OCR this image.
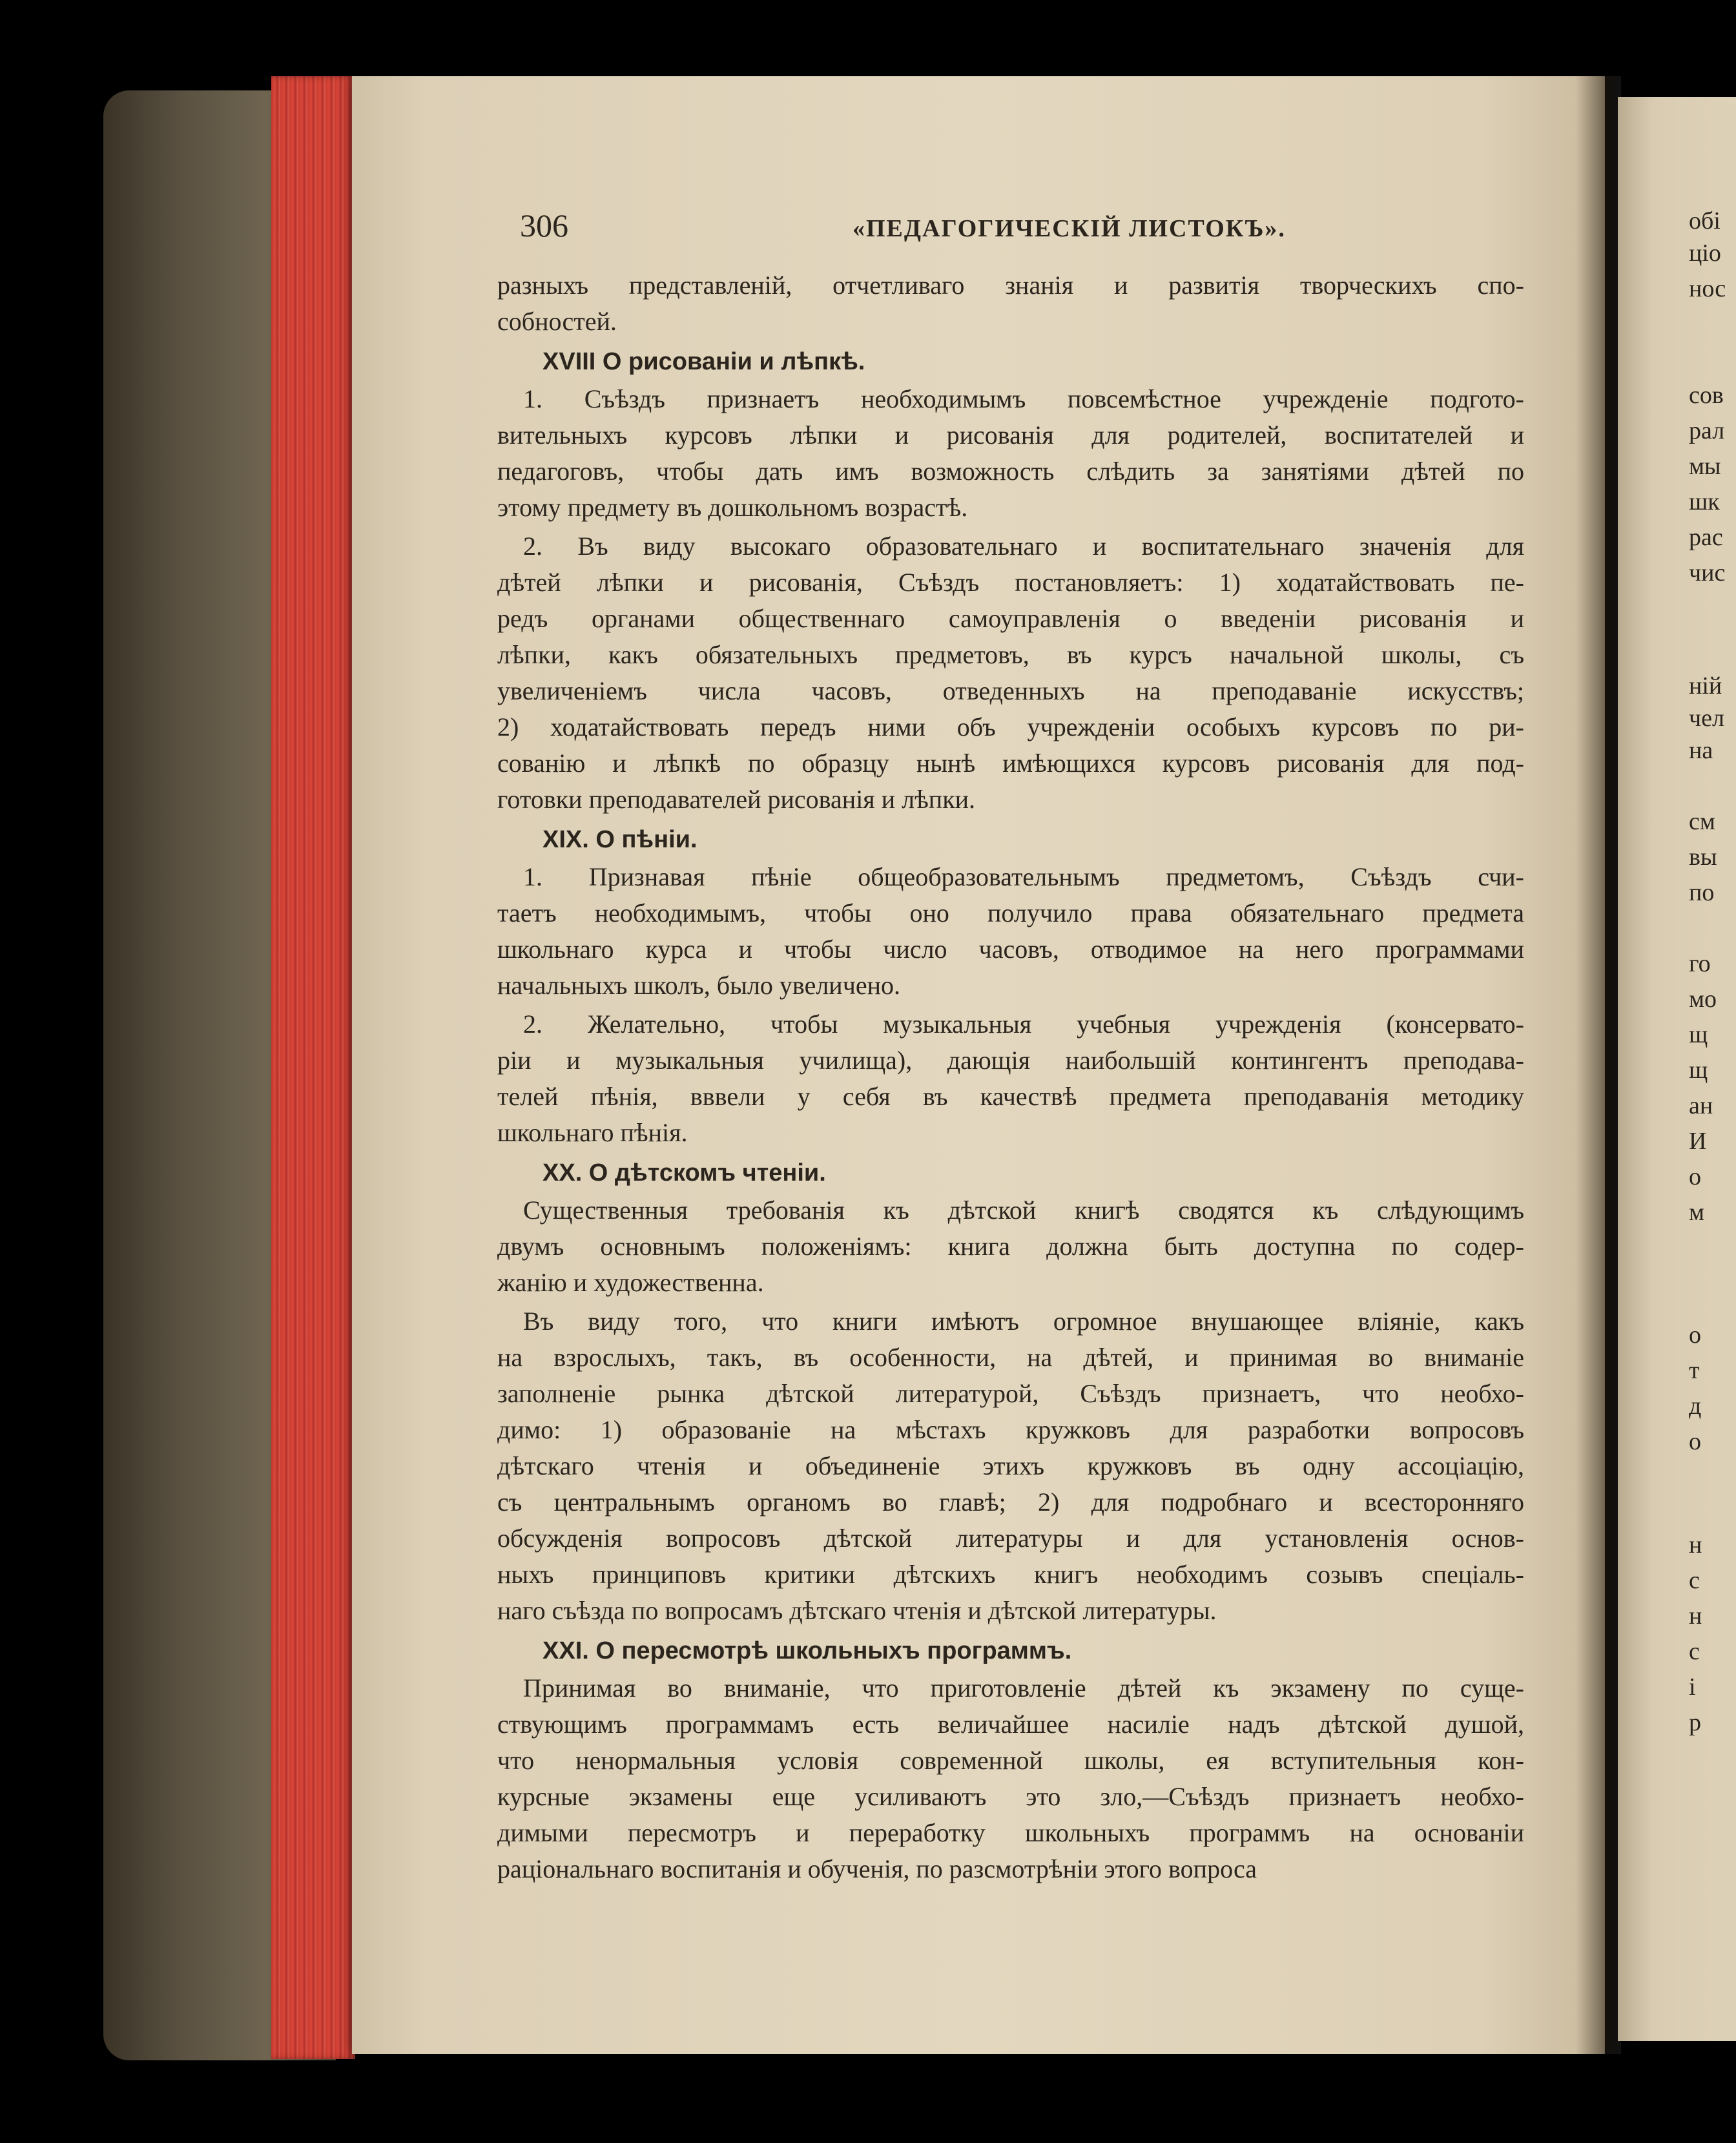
обі
ціо
нос
сов
рал
мы
шк
рас
чис
ній
чел
на
см
вы
по
го
мо
щ
щ
ан
И
о
м
о
т
д
о
н
с
н
с
і
р
306	«ПЕДАГОГИЧЕСКIЙ ЛИСТОКЪ».
разныхъ представленiй, отчетливаго знанiя и развитiя творческихъ спо-
собностей.
XVIII О рисованiи и лѣпкѣ.
1. Съѣздъ признаетъ необходимымъ повсемѣстное учрежденiе подгото-
вительныхъ курсовъ лѣпки и рисованiя для родителей, воспитателей и
педагоговъ, чтобы дать имъ возможность слѣдить за занятiями дѣтей по
этому предмету въ дошкольномъ возрастѣ.
2. Въ виду высокаго образовательнаго и воспитательнаго значенiя для
дѣтей лѣпки и рисованiя, Съѣздъ постановляетъ: 1) ходатайствовать пе-
редъ органами общественнаго самоуправленiя о введенiи рисованiя и
лѣпки, какъ обязательныхъ предметовъ, въ курсъ начальной школы, съ
увеличенiемъ числа часовъ, отведенныхъ на преподаванiе искусствъ;
2) ходатайствовать передъ ними объ учрежденiи особыхъ курсовъ по ри-
сованiю и лѣпкѣ по образцу нынѣ имѣющихся курсовъ рисованiя для под-
готовки преподавателей рисованiя и лѣпки.
XIX. О пѣнiи.
1. Признавая пѣнiе общеобразовательнымъ предметомъ, Съѣздъ счи-
таетъ необходимымъ, чтобы оно получило права обязательнаго предмета
школьнаго курса и чтобы число часовъ, отводимое на него программами
начальныхъ школъ, было увеличено.
2. Желательно, чтобы музыкальныя учебныя учрежденiя (консервато-
рiи и музыкальныя училища), дающiя наибольшiй контингентъ преподава-
телей пѣнiя, вввели у себя въ качествѣ предмета преподаванiя методику
школьнаго пѣнiя.
XX. О дѣтскомъ чтенiи.
Существенныя требованiя къ дѣтской книгѣ сводятся къ слѣдующимъ
двумъ основнымъ положенiямъ: книга должна быть доступна по содер-
жанiю и художественна.
Въ виду того, что книги имѣютъ огромное внушающее влiянiе, какъ
на взрослыхъ, такъ, въ особенности, на дѣтей, и принимая во вниманiе
заполненiе рынка дѣтской литературой, Съѣздъ признаетъ, что необхо-
димо: 1) образованiе на мѣстахъ кружковъ для разработки вопросовъ
дѣтскаго чтенiя и объединенiе этихъ кружковъ въ одну ассоцiацiю,
съ центральнымъ органомъ во главѣ; 2) для подробнаго и всесторонняго
обсужденiя вопросовъ дѣтской литературы и для установленiя основ-
ныхъ принциповъ критики дѣтскихъ книгъ необходимъ созывъ спецiаль-
наго съѣзда по вопросамъ дѣтскаго чтенiя и дѣтской литературы.
XXI. О пересмотрѣ школьныхъ программъ.
Принимая во вниманiе, что приготовленiе дѣтей къ экзамену по суще-
ствующимъ программамъ есть величайшее насилiе надъ дѣтской душой,
что ненормальныя условiя современной школы, ея вступительныя кон-
курсные экзамены еще усиливаютъ это зло,—Съѣздъ признаетъ необхо-
димыми пересмотръ и переработку школьныхъ программъ на основанiи
рацiональнаго воспитанiя и обученiя, по разсмотрѣнiи этого вопроса
